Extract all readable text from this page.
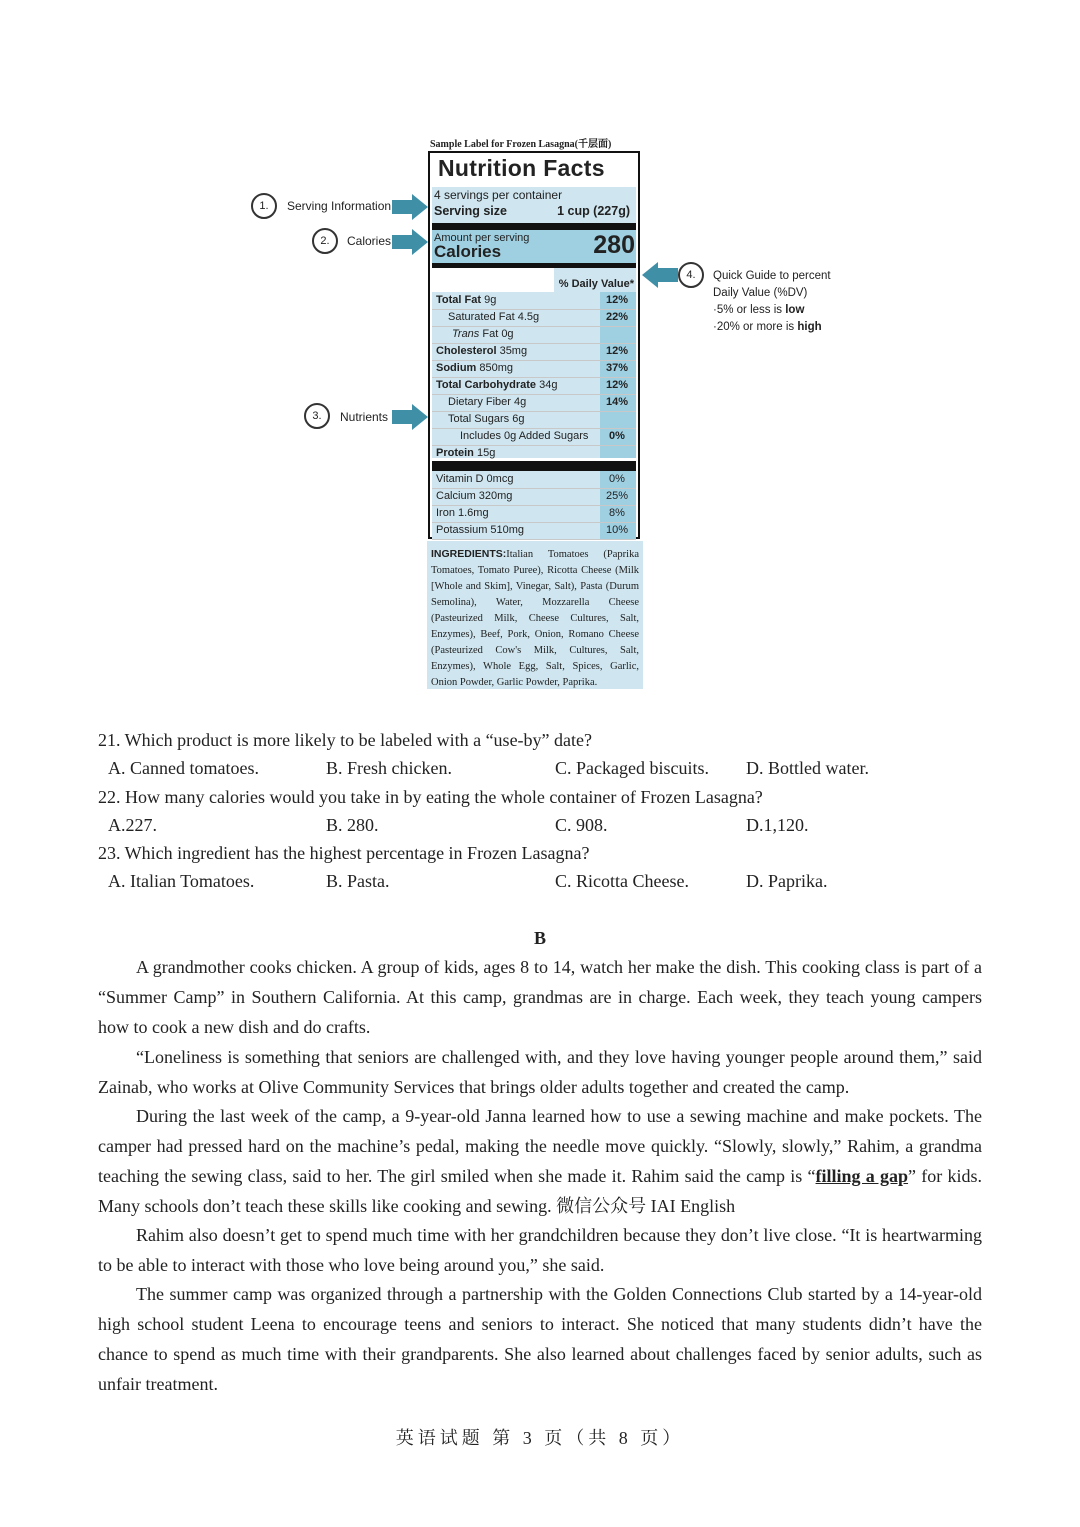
Sample Label for Frozen Lasagna(千层面)
1.	Serving Information
2.	Calories
3.	Nutrients
4.	Quick Guide to percent
Daily Value (%DV)
·5% or less is low
·20% or more is high
Nutrition Facts
4 servings per container
Serving size	1 cup (227g)
Amount per serving
Calories	280
% Daily Value*
Total Fat 9g	12%
Saturated Fat 4.5g	22%
Trans Fat 0g
Cholesterol 35mg	12%
Sodium 850mg	37%
Total Carbohydrate 34g	12%
Dietary Fiber 4g	14%
Total Sugars 6g
Includes 0g Added Sugars	0%
Protein 15g
Vitamin D 0mcg	0%
Calcium 320mg	25%
Iron 1.6mg	8%
Potassium 510mg	10%
INGREDIENTS:Italian Tomatoes (Paprika Tomatoes, Tomato Puree), Ricotta Cheese (Milk [Whole and Skim], Vinegar, Salt), Pasta (Durum Semolina), Water, Mozzarella Cheese (Pasteurized Milk, Cheese Cultures, Salt, Enzymes), Beef, Pork, Onion, Romano Cheese (Pasteurized Cow's Milk, Cultures, Salt, Enzymes), Whole Egg, Salt, Spices, Garlic, Onion Powder, Garlic Powder, Paprika.
21. Which product is more likely to be labeled with a “use-by” date?
A. Canned tomatoes.	B. Fresh chicken.	C. Packaged biscuits. D. Bottled water.
22. How many calories would you take in by eating the whole container of Frozen Lasagna?
A.227.	B. 280.	C. 908.	D.1,120.
23. Which ingredient has the highest percentage in Frozen Lasagna?
A. Italian Tomatoes.	B. Pasta.	C. Ricotta Cheese.	D. Paprika.
B
A grandmother cooks chicken. A group of kids, ages 8 to 14, watch her make the dish. This cooking class is part of a “Summer Camp” in Southern California. At this camp, grandmas are in charge. Each week, they teach young campers how to cook a new dish and do crafts.
“Loneliness is something that seniors are challenged with, and they love having younger people around them,” said Zainab, who works at Olive Community Services that brings older adults together and created the camp.
During the last week of the camp, a 9-year-old Janna learned how to use a sewing machine and make pockets. The camper had pressed hard on the machine’s pedal, making the needle move quickly. “Slowly, slowly,” Rahim, a grandma teaching the sewing class, said to her. The girl smiled when she made it. Rahim said the camp is “filling a gap” for kids. Many schools don’t teach these skills like cooking and sewing. 微信公众号 IAI English
Rahim also doesn’t get to spend much time with her grandchildren because they don’t live close. “It is heartwarming to be able to interact with those who love being around you,” she said.
The summer camp was organized through a partnership with the Golden Connections Club started by a 14-year-old high school student Leena to encourage teens and seniors to interact. She noticed that many students didn’t have the chance to spend as much time with their grandparents. She also learned about challenges faced by senior adults, such as unfair treatment.
英语试题 第 3 页（共 8 页）
